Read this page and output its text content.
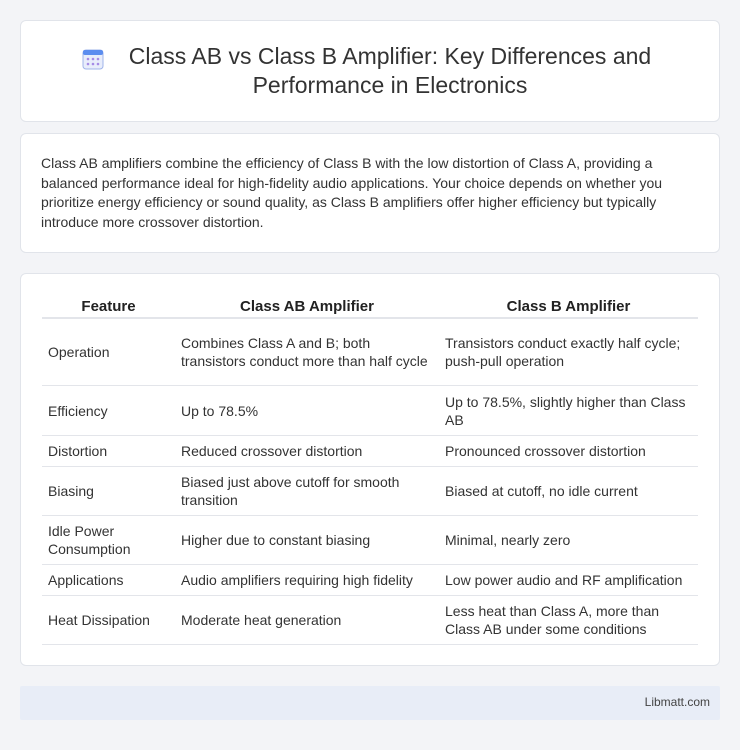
Class AB vs Class B Amplifier: Key Differences and Performance in Electronics

Class AB amplifiers combine the efficiency of Class B with the low distortion of Class A, providing a balanced performance ideal for high-fidelity audio applications. Your choice depends on whether you prioritize energy efficiency or sound quality, as Class B amplifiers offer higher efficiency but typically introduce more crossover distortion.

Feature	Class AB Amplifier	Class B Amplifier
Operation	Combines Class A and B; both transistors conduct more than half cycle	Transistors conduct exactly half cycle; push-pull operation
Efficiency	Up to 78.5%	Up to 78.5%, slightly higher than Class AB
Distortion	Reduced crossover distortion	Pronounced crossover distortion
Biasing	Biased just above cutoff for smooth transition	Biased at cutoff, no idle current
Idle Power Consumption	Higher due to constant biasing	Minimal, nearly zero
Applications	Audio amplifiers requiring high fidelity	Low power audio and RF amplification
Heat Dissipation	Moderate heat generation	Less heat than Class A, more than Class AB under some conditions
Libmatt.com
